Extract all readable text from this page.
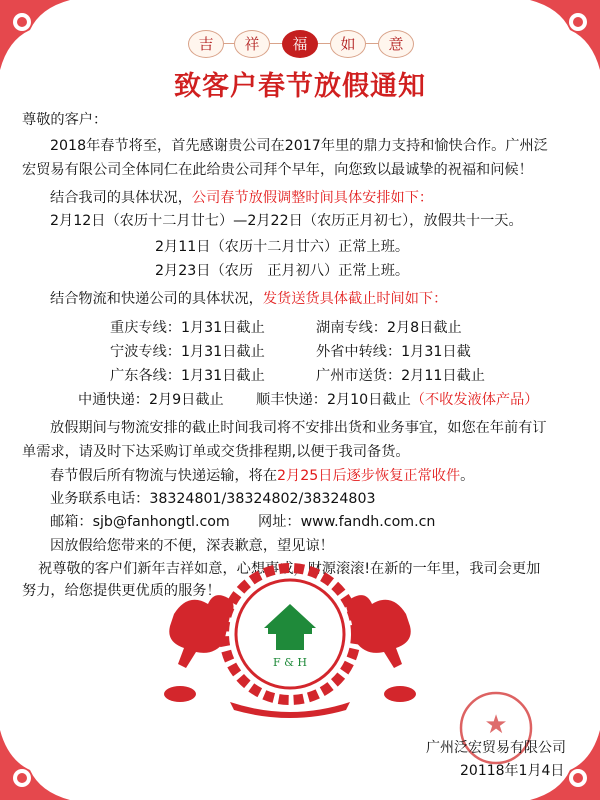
吉	祥	福	如	意
致客户春节放假通知
尊敬的客户：
2018年春节将至，首先感谢贵公司在2017年里的鼎力支持和愉快合作。广州泛
宏贸易有限公司全体同仁在此给贵公司拜个早年，向您致以最诚挚的祝福和问候！
结合我司的具体状况，公司春节放假调整时间具体安排如下：
2月12日（农历十二月廿七）—2月22日（农历正月初七），放假共十一天。
2月11日（农历十二月廿六）正常上班。
2月23日（农历　正月初八）正常上班。
结合物流和快递公司的具体状况，发货送货具体截止时间如下：
重庆专线：1月31日截止	湖南专线：2月8日截止
宁波专线：1月31日截止	外省中转线：1月31日截
广东各线：1月31日截止	广州市送货：2月11日截止
中通快递：2月9日截止 顺丰快递：2月10日截止（不收发液体产品）
放假期间与物流安排的截止时间我司将不安排出货和业务事宜，如您在年前有订
单需求，请及时下达采购订单或交货排程期,以便于我司备货。
春节假后所有物流与快递运输，将在2月25日后逐步恢复正常收件。
业务联系电话：38324801/38324802/38324803
邮箱：sjb@fanhongtl.com 网址：www.fandh.com.cn
因放假给您带来的不便，深表歉意，望见谅！
祝尊敬的客户们新年吉祥如意，心想事成，财源滚滚!在新的一年里，我司会更加
努力，给您提供更优质的服务！
F & H
★
广州泛宏贸易有限公司
20118年1月4日
